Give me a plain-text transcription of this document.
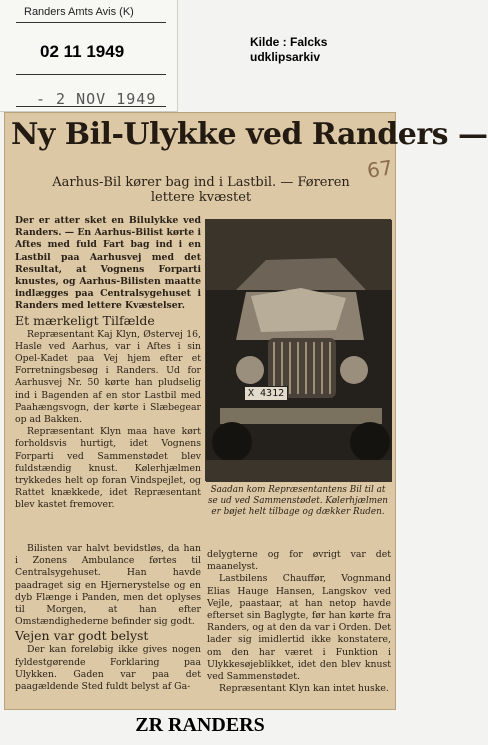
Randers Amts Avis (K)
02 11 1949
- 2 NOV 1949
Kilde : Falcks
udklipsarkiv
Ny Bil-Ulykke ved Randers —
67
Aarhus-Bil kører bag ind i Lastbil. — Føreren lettere kvæstet

Der er atter sket en Bilulykke ved Randers. — En Aarhus-Bilist kørte i Aftes med fuld Fart bag ind i en Lastbil paa Aarhusvej med det Resultat, at Vognens Forparti knustes, og Aarhus-Bilisten maatte indlægges paa Centralsygehuset i Randers med lettere Kvæstelser.

Et mærkeligt Tilfælde

Repræsentant Kaj Klyn, Østervej 16, Hasle ved Aarhus, var i Aftes i sin Opel-Kadet paa Vej hjem efter et Forretningsbesøg i Randers. Ud for Aarhusvej Nr. 50 kørte han pludselig ind i Bagenden af en stor Lastbil med Paahængsvogn, der kørte i Slæbegear op ad Bakken.

Repræsentant Klyn maa have kørt forholdsvis hurtigt, idet Vognens Forparti ved Sammenstødet blev fuldstændig knust. Kølerhjælmen trykkedes helt op foran Vindspejlet, og Rattet knækkede, idet Repræsentant blev kastet fremover.

X 4312
Saadan kom Repræsentantens Bil til at se ud ved Sammenstødet. Kølerhjælmen er bøjet helt tilbage og dækker Ruden.

Bilisten var halvt bevidstløs, da han i Zonens Ambulance førtes til Centralsygehuset. Han havde paadraget sig en Hjernerystelse og en dyb Flænge i Panden, men det oplyses til Morgen, at han efter Omstændighederne befinder sig godt.

Vejen var godt belyst

Der kan foreløbig ikke gives nogen fyldestgørende Forklaring paa Ulykken. Gaden var paa det paagældende Sted fuldt belyst af Ga-

delygterne og for øvrigt var det maanelyst.

Lastbilens Chauffør, Vognmand Elias Hauge Hansen, Langskov ved Vejle, paastaar, at han netop havde efterset sin Baglygte, før han kørte fra Randers, og at den da var i Orden. Det lader sig imidlertid ikke konstatere, om den har været i Funktion i Ulykkesøjeblikket, idet den blev knust ved Sammenstødet.

Repræsentant Klyn kan intet huske.

ZR RANDERS
